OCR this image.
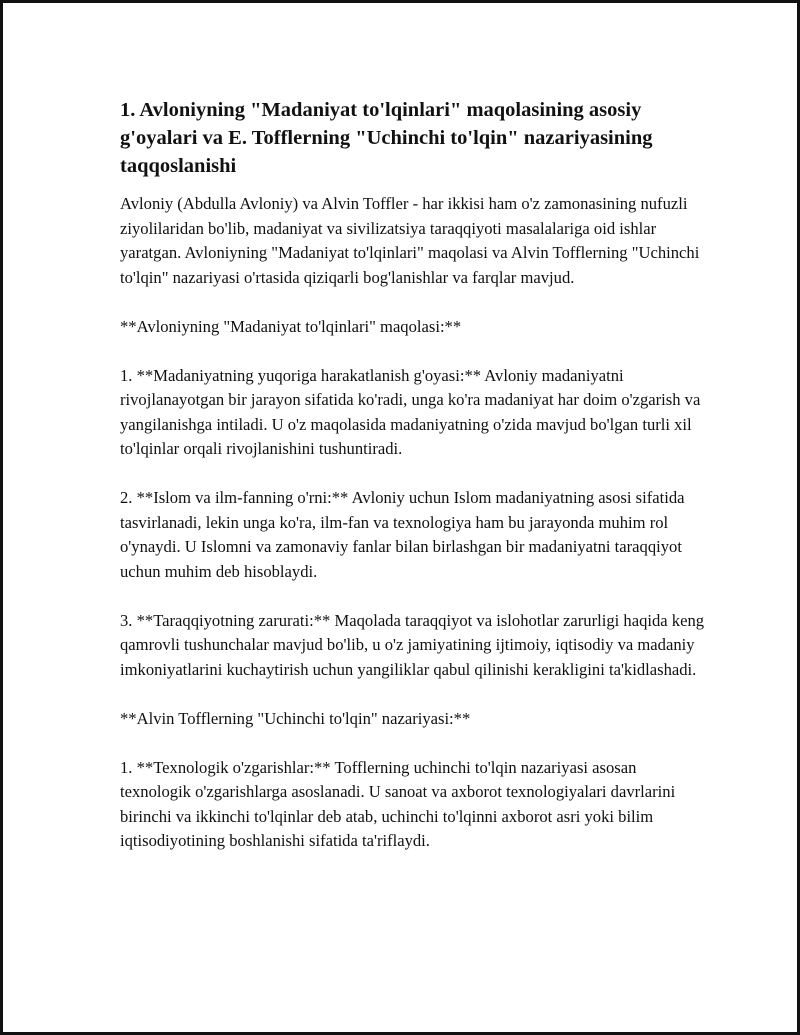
1. Avloniyning "Madaniyat to'lqinlari" maqolasining asosiy g'oyalari va E. Tofflerning "Uchinchi to'lqin" nazariyasining taqqoslanishi

Avloniy (Abdulla Avloniy) va Alvin Toffler - har ikkisi ham o'z zamonasining nufuzli ziyolilaridan bo'lib, madaniyat va sivilizatsiya taraqqiyoti masalalariga oid ishlar yaratgan. Avloniyning "Madaniyat to'lqinlari" maqolasi va Alvin Tofflerning "Uchinchi to'lqin" nazariyasi o'rtasida qiziqarli bog'lanishlar va farqlar mavjud.

**Avloniyning "Madaniyat to'lqinlari" maqolasi:**

1. **Madaniyatning yuqoriga harakatlanish g'oyasi:** Avloniy madaniyatni rivojlanayotgan bir jarayon sifatida ko'radi, unga ko'ra madaniyat har doim o'zgarish va yangilanishga intiladi. U o'z maqolasida madaniyatning o'zida mavjud bo'lgan turli xil to'lqinlar orqali rivojlanishini tushuntiradi.

2. **Islom va ilm-fanning o'rni:** Avloniy uchun Islom madaniyatning asosi sifatida tasvirlanadi, lekin unga ko'ra, ilm-fan va texnologiya ham bu jarayonda muhim rol o'ynaydi. U Islomni va zamonaviy fanlar bilan birlashgan bir madaniyatni taraqqiyot uchun muhim deb hisoblaydi.

3. **Taraqqiyotning zarurati:** Maqolada taraqqiyot va islohotlar zarurligi haqida keng qamrovli tushunchalar mavjud bo'lib, u o'z jamiyatining ijtimoiy, iqtisodiy va madaniy imkoniyatlarini kuchaytirish uchun yangiliklar qabul qilinishi kerakligini ta'kidlashadi.

**Alvin Tofflerning "Uchinchi to'lqin" nazariyasi:**

1. **Texnologik o'zgarishlar:** Tofflerning uchinchi to'lqin nazariyasi asosan texnologik o'zgarishlarga asoslanadi. U sanoat va axborot texnologiyalari davrlarini birinchi va ikkinchi to'lqinlar deb atab, uchinchi to'lqinni axborot asri yoki bilim iqtisodiyotining boshlanishi sifatida ta'riflaydi.
